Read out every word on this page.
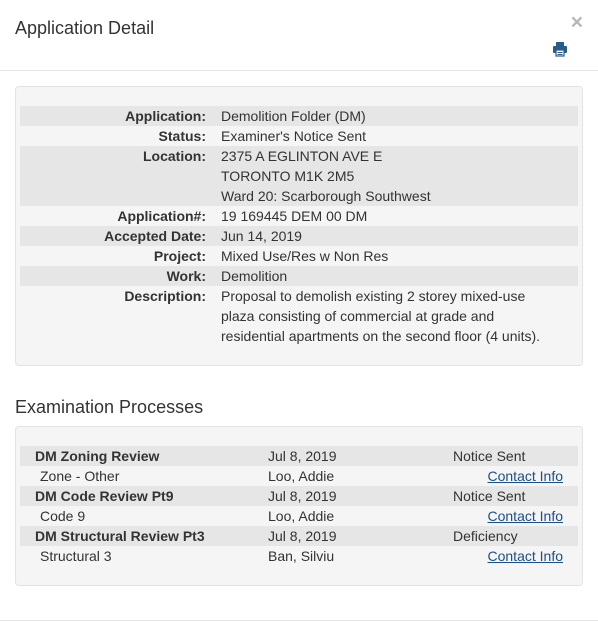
Application Detail	×
Application:		Demolition Folder (DM)

Status:		Examiner's Notice Sent

Location:		2375 A EGLINTON AVE E
TORONTO M1K 2M5
Ward 20: Scarborough Southwest

Application#:		19 169445 DEM 00 DM

Accepted Date:		Jun 14, 2019

Project:		Mixed Use/Res w Non Res

Work:		Demolition

Description:		Proposal to demolish existing 2 storey mixed-use
plaza consisting of commercial at grade and
residential apartments on the second floor (4 units).
Examination Processes
DM Zoning Review	Jul 8, 2019	Notice Sent
Zone - Other	Loo, Addie	Contact Info
DM Code Review Pt9	Jul 8, 2019	Notice Sent
Code 9	Loo, Addie	Contact Info
DM Structural Review Pt3	Jul 8, 2019	Deficiency
Structural 3	Ban, Silviu	Contact Info
